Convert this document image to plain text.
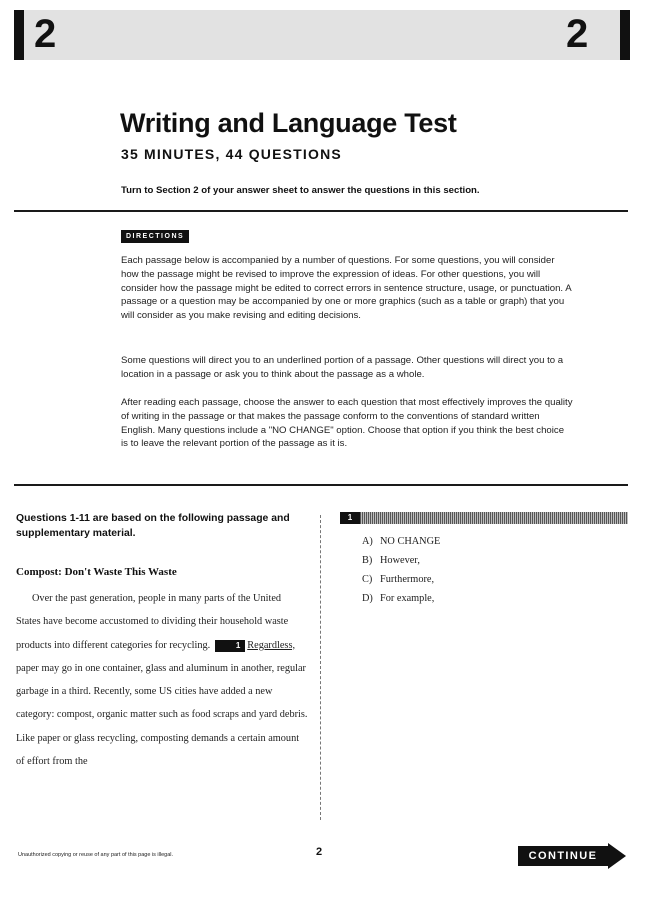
2	2
Writing and Language Test
35 MINUTES, 44 QUESTIONS
Turn to Section 2 of your answer sheet to answer the questions in this section.
DIRECTIONS
Each passage below is accompanied by a number of questions. For some questions, you will consider how the passage might be revised to improve the expression of ideas. For other questions, you will consider how the passage might be edited to correct errors in sentence structure, usage, or punctuation. A passage or a question may be accompanied by one or more graphics (such as a table or graph) that you will consider as you make revising and editing decisions.
Some questions will direct you to an underlined portion of a passage. Other questions will direct you to a location in a passage or ask you to think about the passage as a whole.
After reading each passage, choose the answer to each question that most effectively improves the quality of writing in the passage or that makes the passage conform to the conventions of standard written English. Many questions include a "NO CHANGE" option. Choose that option if you think the best choice is to leave the relevant portion of the passage as it is.
Questions 1-11 are based on the following passage and supplementary material.
Compost: Don't Waste This Waste

Over the past generation, people in many parts of the United States have become accustomed to dividing their household waste products into different categories for recycling.	1 Regardless, paper may go in one container, glass and aluminum in another, regular garbage in a third. Recently, some US cities have added a new category: compost, organic matter such as food scraps and yard debris. Like paper or glass recycling, composting demands a certain amount of effort from the

1
A) NO CHANGE
B) However,
C) Furthermore,
D) For example,
Unauthorized copying or reuse of any part of this page is illegal.	2	CONTINUE
